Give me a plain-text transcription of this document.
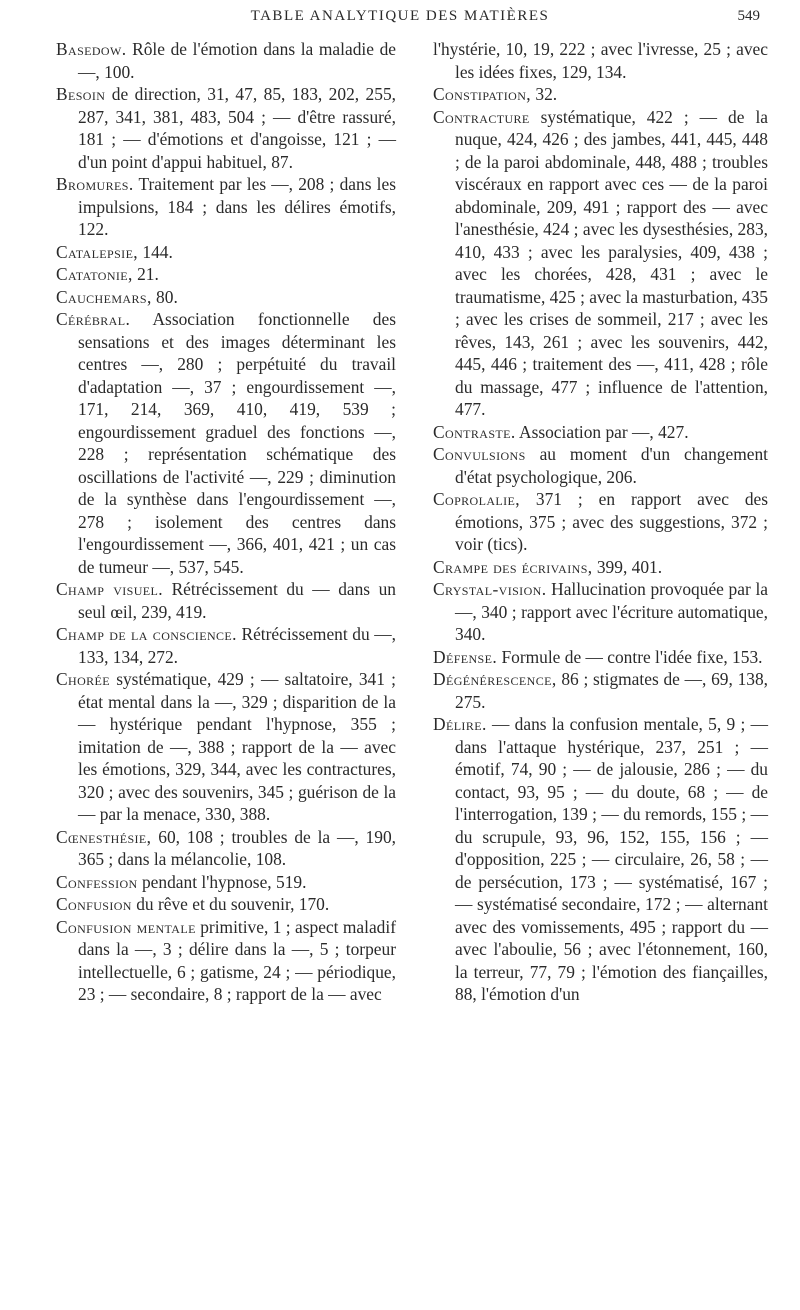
TABLE ANALYTIQUE DES MATIÈRES	549

Basedow. Rôle de l'émotion dans la maladie de —, 100.

Besoin de direction, 31, 47, 85, 183, 202, 255, 287, 341, 381, 483, 504 ; — d'être rassuré, 181 ; — d'émotions et d'angoisse, 121 ; — d'un point d'appui habituel, 87.

Bromures. Traitement par les —, 208 ; dans les impulsions, 184 ; dans les délires émotifs, 122.

Catalepsie, 144.

Catatonie, 21.

Cauchemars, 80.

Cérébral. Association fonctionnelle des sensations et des images déterminant les centres —, 280 ; perpétuité du travail d'adaptation —, 37 ; engourdissement —, 171, 214, 369, 410, 419, 539 ; engourdissement graduel des fonctions —, 228 ; représentation schématique des oscillations de l'activité —, 229 ; diminution de la synthèse dans l'engourdissement —, 278 ; isolement des centres dans l'engourdissement —, 366, 401, 421 ; un cas de tumeur —, 537, 545.

Champ visuel. Rétrécissement du — dans un seul œil, 239, 419.

Champ de la conscience. Rétrécissement du —, 133, 134, 272.

Chorée systématique, 429 ; — saltatoire, 341 ; état mental dans la —, 329 ; disparition de la — hystérique pendant l'hypnose, 355 ; imitation de —, 388 ; rapport de la — avec les émotions, 329, 344, avec les contractures, 320 ; avec des souvenirs, 345 ; guérison de la — par la menace, 330, 388.

Cœnesthésie, 60, 108 ; troubles de la —, 190, 365 ; dans la mélancolie, 108.

Confession pendant l'hypnose, 519.

Confusion du rêve et du souvenir, 170.

Confusion mentale primitive, 1 ; aspect maladif dans la —, 3 ; délire dans la —, 5 ; torpeur intellectuelle, 6 ; gatisme, 24 ; — périodique, 23 ; — secondaire, 8 ; rapport de la — avec

l'hystérie, 10, 19, 222 ; avec l'ivresse, 25 ; avec les idées fixes, 129, 134.

Constipation, 32.

Contracture systématique, 422 ; — de la nuque, 424, 426 ; des jambes, 441, 445, 448 ; de la paroi abdominale, 448, 488 ; troubles viscéraux en rapport avec ces — de la paroi abdominale, 209, 491 ; rapport des — avec l'anesthésie, 424 ; avec les dysesthésies, 283, 410, 433 ; avec les paralysies, 409, 438 ; avec les chorées, 428, 431 ; avec le traumatisme, 425 ; avec la masturbation, 435 ; avec les crises de sommeil, 217 ; avec les rêves, 143, 261 ; avec les souvenirs, 442, 445, 446 ; traitement des —, 411, 428 ; rôle du massage, 477 ; influence de l'attention, 477.

Contraste. Association par —, 427.

Convulsions au moment d'un changement d'état psychologique, 206.

Coprolalie, 371 ; en rapport avec des émotions, 375 ; avec des suggestions, 372 ; voir (tics).

Crampe des écrivains, 399, 401.

Crystal-vision. Hallucination provoquée par la —, 340 ; rapport avec l'écriture automatique, 340.

Défense. Formule de — contre l'idée fixe, 153.

Dégénérescence, 86 ; stigmates de —, 69, 138, 275.

Délire. — dans la confusion mentale, 5, 9 ; — dans l'attaque hystérique, 237, 251 ; — émotif, 74, 90 ; — de jalousie, 286 ; — du contact, 93, 95 ; — du doute, 68 ; — de l'interrogation, 139 ; — du remords, 155 ; — du scrupule, 93, 96, 152, 155, 156 ; — d'opposition, 225 ; — circulaire, 26, 58 ; — de persécution, 173 ; — systématisé, 167 ; — systématisé secondaire, 172 ; — alternant avec des vomissements, 495 ; rapport du — avec l'aboulie, 56 ; avec l'étonnement, 160, la terreur, 77, 79 ; l'émotion des fiançailles, 88, l'émotion d'un
